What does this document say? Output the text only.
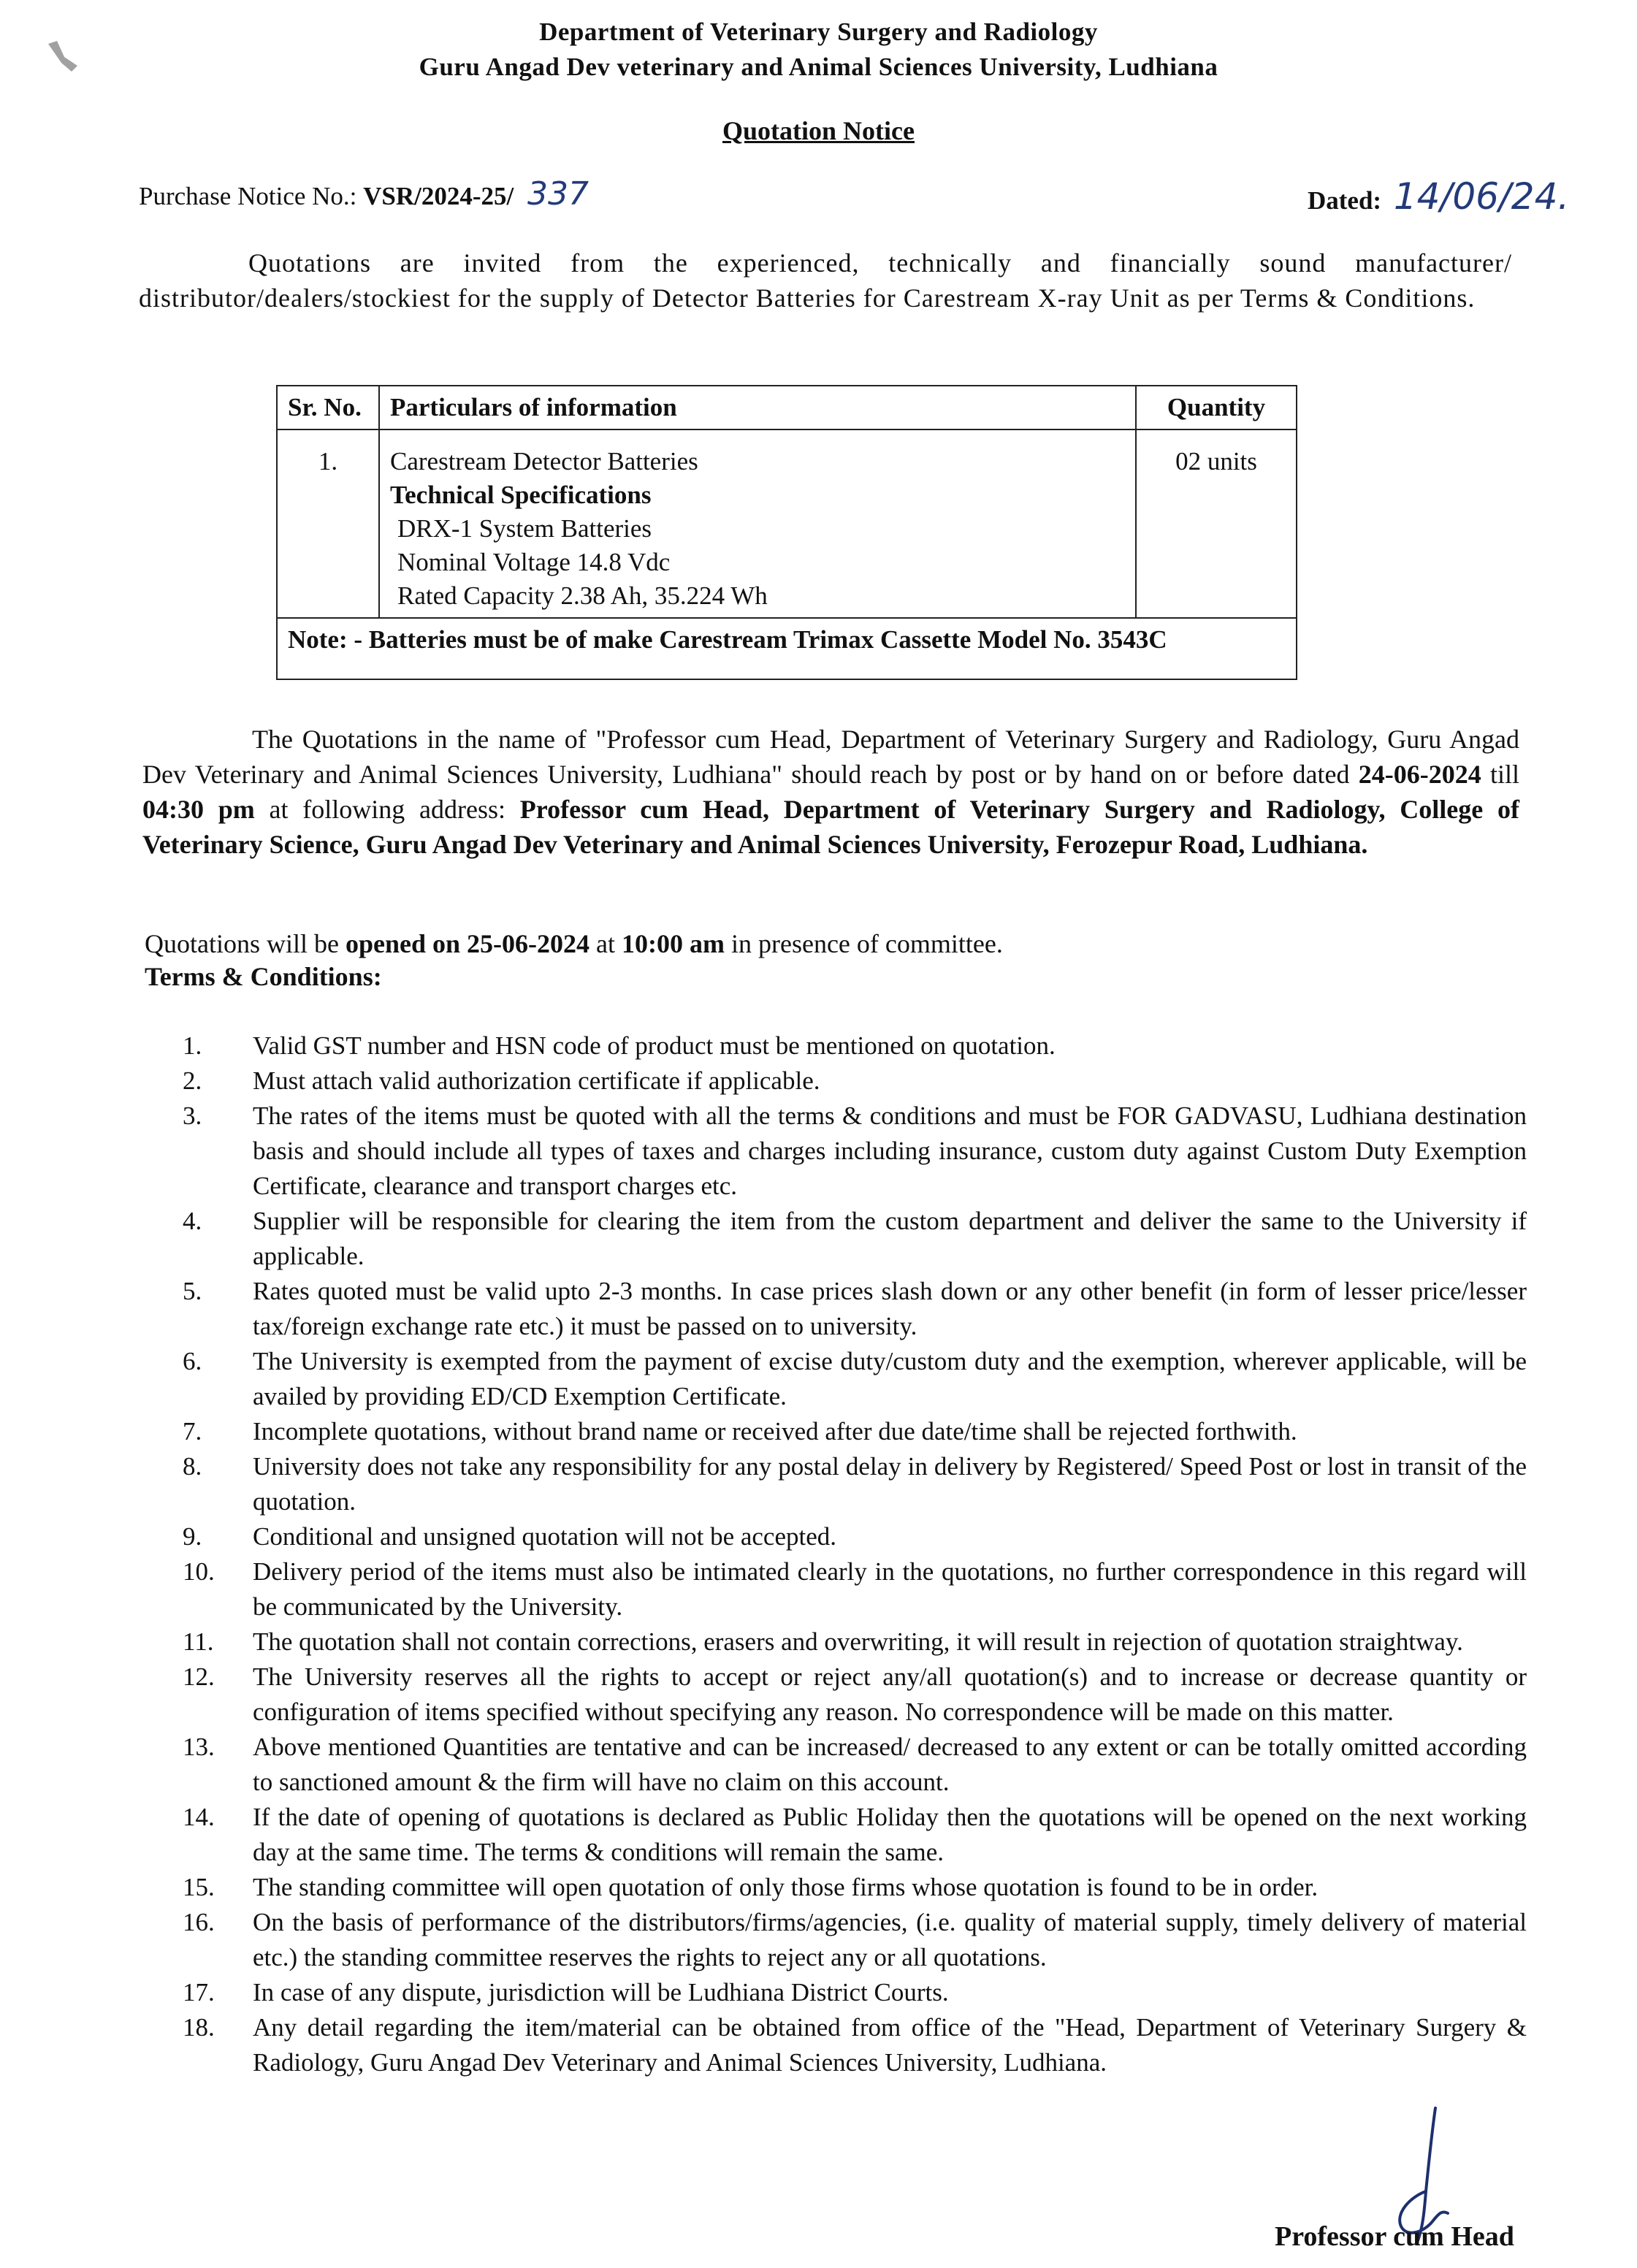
Department of Veterinary Surgery and Radiology
Guru Angad Dev veterinary and Animal Sciences University, Ludhiana
Quotation Notice
Purchase Notice No.: VSR/2024-25/ 337	Dated: 14/06/24.

Quotations are invited from the experienced, technically and financially sound manufacturer/ distributor/dealers/stockiest for the supply of Detector Batteries for Carestream X-ray Unit as per Terms & Conditions.

Sr. No.	Particulars of information	Quantity
1.	Carestream Detector Batteries
Technical Specifications
DRX-1 System Batteries
Nominal Voltage 14.8 Vdc
Rated Capacity 2.38 Ah, 35.224 Wh	02 units
Note: - Batteries must be of make Carestream Trimax Cassette Model No. 3543C		

The Quotations in the name of "Professor cum Head, Department of Veterinary Surgery and Radiology, Guru Angad Dev Veterinary and Animal Sciences University, Ludhiana" should reach by post or by hand on or before dated 24-06-2024 till 04:30 pm at following address: Professor cum Head, Department of Veterinary Surgery and Radiology, College of Veterinary Science, Guru Angad Dev Veterinary and Animal Sciences University, Ferozepur Road, Ludhiana.

Quotations will be opened on 25-06-2024 at 10:00 am in presence of committee.
Terms & Conditions:
1.	Valid GST number and HSN code of product must be mentioned on quotation.
2.	Must attach valid authorization certificate if applicable.
3.	The rates of the items must be quoted with all the terms & conditions and must be FOR GADVASU, Ludhiana destination basis and should include all types of taxes and charges including insurance, custom duty against Custom Duty Exemption Certificate, clearance and transport charges etc.
4.	Supplier will be responsible for clearing the item from the custom department and deliver the same to the University if applicable.
5.	Rates quoted must be valid upto 2-3 months. In case prices slash down or any other benefit (in form of lesser price/lesser tax/foreign exchange rate etc.) it must be passed on to university.
6.	The University is exempted from the payment of excise duty/custom duty and the exemption, wherever applicable, will be availed by providing ED/CD Exemption Certificate.
7.	Incomplete quotations, without brand name or received after due date/time shall be rejected forthwith.
8.	University does not take any responsibility for any postal delay in delivery by Registered/ Speed Post or lost in transit of the quotation.
9.	Conditional and unsigned quotation will not be accepted.
10.	Delivery period of the items must also be intimated clearly in the quotations, no further correspondence in this regard will be communicated by the University.
11.	The quotation shall not contain corrections, erasers and overwriting, it will result in rejection of quotation straightway.
12.	The University reserves all the rights to accept or reject any/all quotation(s) and to increase or decrease quantity or configuration of items specified without specifying any reason. No correspondence will be made on this matter.
13.	Above mentioned Quantities are tentative and can be increased/ decreased to any extent or can be totally omitted according to sanctioned amount & the firm will have no claim on this account.
14.	If the date of opening of quotations is declared as Public Holiday then the quotations will be opened on the next working day at the same time. The terms & conditions will remain the same.
15.	The standing committee will open quotation of only those firms whose quotation is found to be in order.
16.	On the basis of performance of the distributors/firms/agencies, (i.e. quality of material supply, timely delivery of material etc.) the standing committee reserves the rights to reject any or all quotations.
17.	In case of any dispute, jurisdiction will be Ludhiana District Courts.
18.	Any detail regarding the item/material can be obtained from office of the "Head, Department of Veterinary Surgery & Radiology, Guru Angad Dev Veterinary and Animal Sciences University, Ludhiana.
Professor cum Head
